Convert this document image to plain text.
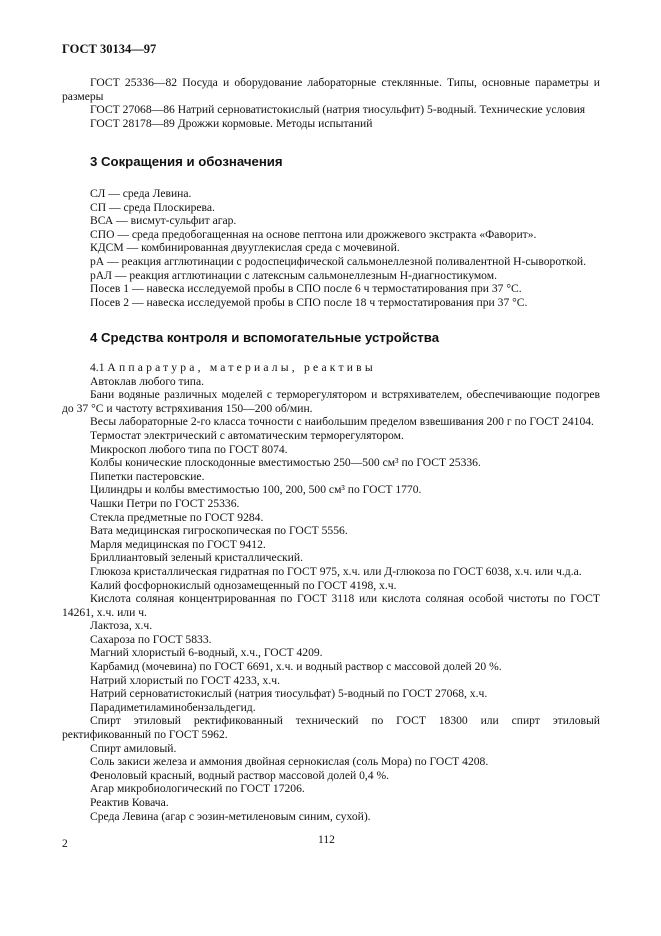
ГОСТ 30134—97

ГОСТ 25336—82 Посуда и оборудование лабораторные стеклянные. Типы, основные параметры и размеры

ГОСТ 27068—86 Натрий серноватистокислый (натрия тиосульфит) 5-водный. Технические условия

ГОСТ 28178—89 Дрожжи кормовые. Методы испытаний

3 Сокращения и обозначения

СЛ — среда Левина.

СП — среда Плоскирева.

ВСА — висмут-сульфит агар.

СПО — среда предобогащенная на основе пептона или дрожжевого экстракта «Фаворит».

КДСМ — комбинированная двууглекислая среда с мочевиной.

рА — реакция агглютинации с родоспецифической сальмонеллезной поливалентной Н-сывороткой.

рАЛ — реакция агглютинации с латексным сальмонеллезным Н-диагностикумом.

Посев 1 — навеска исследуемой пробы в СПО после 6 ч термостатирования при 37 °С.

Посев 2 — навеска исследуемой пробы в СПО после 18 ч термостатирования при 37 °С.

4 Средства контроля и вспомогательные устройства

4.1 Аппаратура, материалы, реактивы

Автоклав любого типа.

Бани водяные различных моделей с терморегулятором и встряхивателем, обеспечивающие подогрев до 37 °С и частоту встряхивания 150—200 об/мин.

Весы лабораторные 2-го класса точности с наибольшим пределом взвешивания 200 г по ГОСТ 24104.

Термостат электрический с автоматическим терморегулятором.

Микроскоп любого типа по ГОСТ 8074.

Колбы конические плоскодонные вместимостью 250—500 см³ по ГОСТ 25336.

Пипетки пастеровские.

Цилиндры и колбы вместимостью 100, 200, 500 см³ по ГОСТ 1770.

Чашки Петри по ГОСТ 25336.

Стекла предметные по ГОСТ 9284.

Вата медицинская гигроскопическая по ГОСТ 5556.

Марля медицинская по ГОСТ 9412.

Бриллиантовый зеленый кристаллический.

Глюкоза кристаллическая гидратная по ГОСТ 975, х.ч. или Д-глюкоза по ГОСТ 6038, х.ч. или ч.д.а.

Калий фосфорнокислый однозамещенный по ГОСТ 4198, х.ч.

Кислота соляная концентрированная по ГОСТ 3118 или кислота соляная особой чистоты по ГОСТ 14261, х.ч. или ч.

Лактоза, х.ч.

Сахароза по ГОСТ 5833.

Магний хлористый 6-водный, х.ч., ГОСТ 4209.

Карбамид (мочевина) по ГОСТ 6691, х.ч. и водный раствор с массовой долей 20 %.

Натрий хлористый по ГОСТ 4233, х.ч.

Натрий серноватистокислый (натрия тиосульфат) 5-водный по ГОСТ 27068, х.ч.

Парадиметиламинобензальдегид.

Спирт этиловый ректификованный технический по ГОСТ 18300 или спирт этиловый ректификованный по ГОСТ 5962.

Спирт амиловый.

Соль закиси железа и аммония двойная сернокислая (соль Мора) по ГОСТ 4208.

Феноловый красный, водный раствор массовой долей 0,4 %.

Агар микробиологический по ГОСТ 17206.

Реактив Ковача.

Среда Левина (агар с эозин-метиленовым синим, сухой).

2	112
